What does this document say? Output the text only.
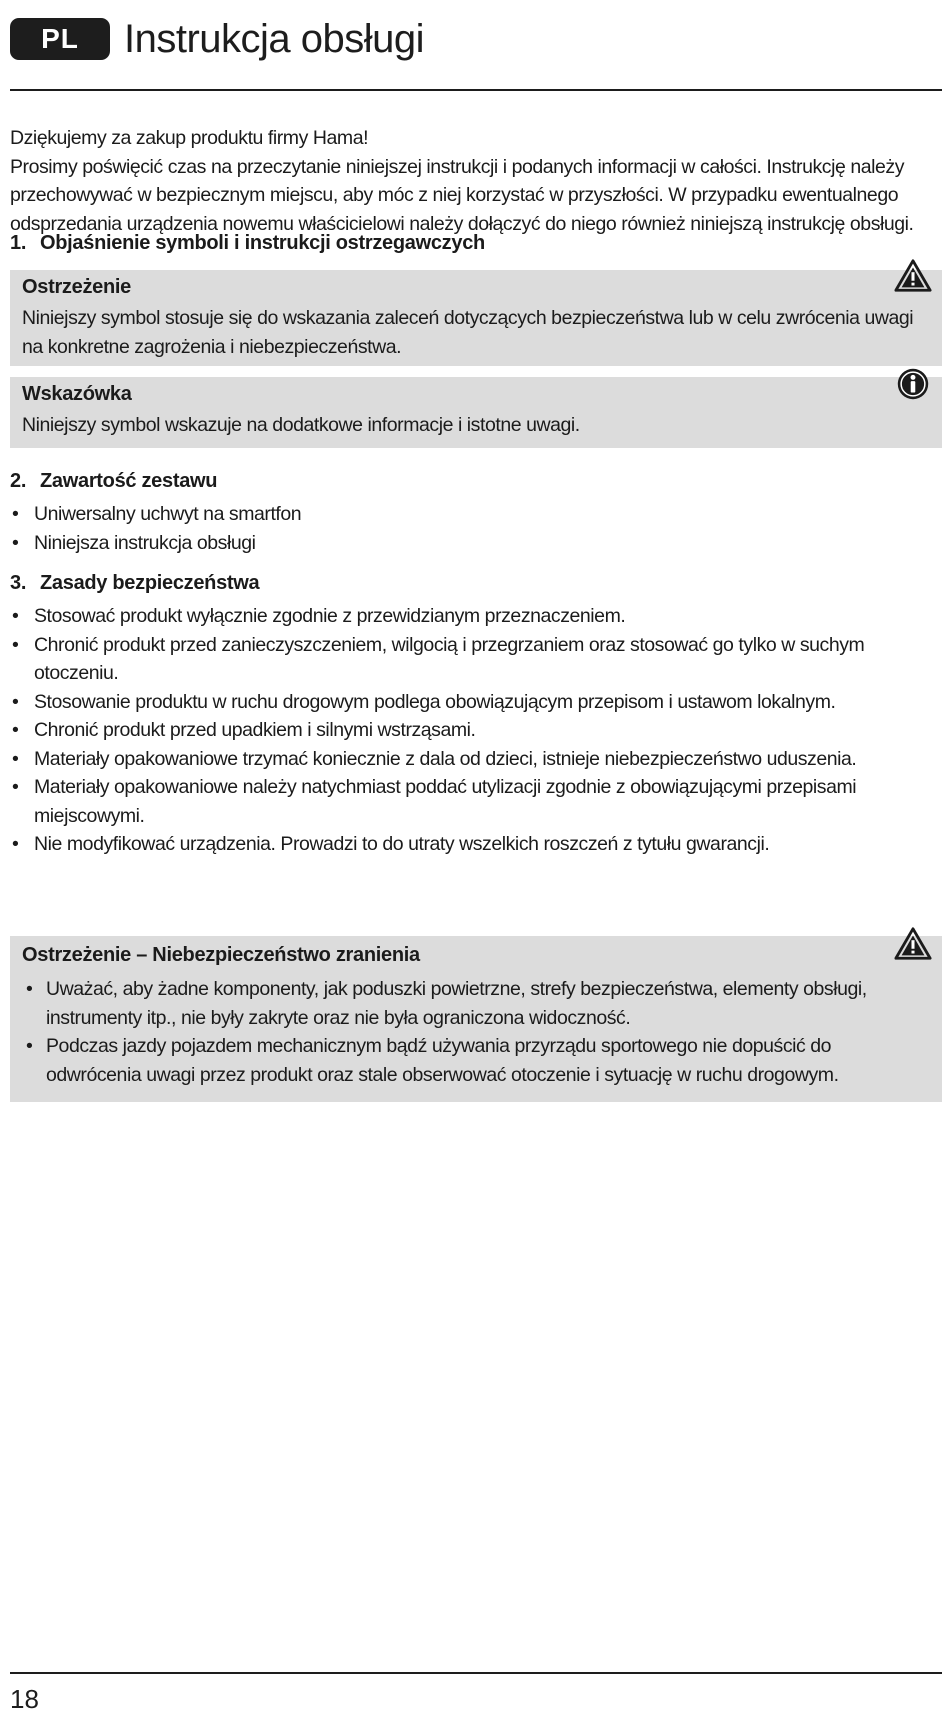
PL	Instrukcja obsługi

Dziękujemy za zakup produktu firmy Hama!

Prosimy poświęcić czas na przeczytanie niniejszej instrukcji i podanych informacji w całości. Instrukcję należy przechowywać w bezpiecznym miejscu, aby móc z niej korzystać w przyszłości. W przypadku ewentualnego odsprzedania urządzenia nowemu właścicielowi należy dołączyć do niego również niniejszą instrukcję obsługi.

1. Objaśnienie symboli i instrukcji ostrzegawczych
Ostrzeżenie
Niniejszy symbol stosuje się do wskazania zaleceń dotyczących bezpieczeństwa lub w celu zwrócenia uwagi na konkretne zagrożenia i niebezpieczeństwa.
Wskazówka
Niniejszy symbol wskazuje na dodatkowe informacje i istotne uwagi.
2. Zawartość zestawu
• Uniwersalny uchwyt na smartfon
• Niniejsza instrukcja obsługi
3. Zasady bezpieczeństwa
• Stosować produkt wyłącznie zgodnie z przewidzianym przeznaczeniem.
• Chronić produkt przed zanieczyszczeniem, wilgocią i przegrzaniem oraz stosować go tylko w suchym otoczeniu.
• Stosowanie produktu w ruchu drogowym podlega obowiązującym przepisom i ustawom lokalnym.
• Chronić produkt przed upadkiem i silnymi wstrząsami.
• Materiały opakowaniowe trzymać koniecznie z dala od dzieci, istnieje niebezpieczeństwo uduszenia.
• Materiały opakowaniowe należy natychmiast poddać utylizacji zgodnie z obowiązującymi przepisami miejscowymi.
• Nie modyfikować urządzenia. Prowadzi to do utraty wszelkich roszczeń z tytułu gwarancji.
Ostrzeżenie – Niebezpieczeństwo zranienia
• Uważać, aby żadne komponenty, jak poduszki powietrzne, strefy bezpieczeństwa, elementy obsługi, instrumenty itp., nie były zakryte oraz nie była ograniczona widoczność.
• Podczas jazdy pojazdem mechanicznym bądź używania przyrządu sportowego nie dopuścić do odwrócenia uwagi przez produkt oraz stale obserwować otoczenie i sytuację w ruchu drogowym.
18
